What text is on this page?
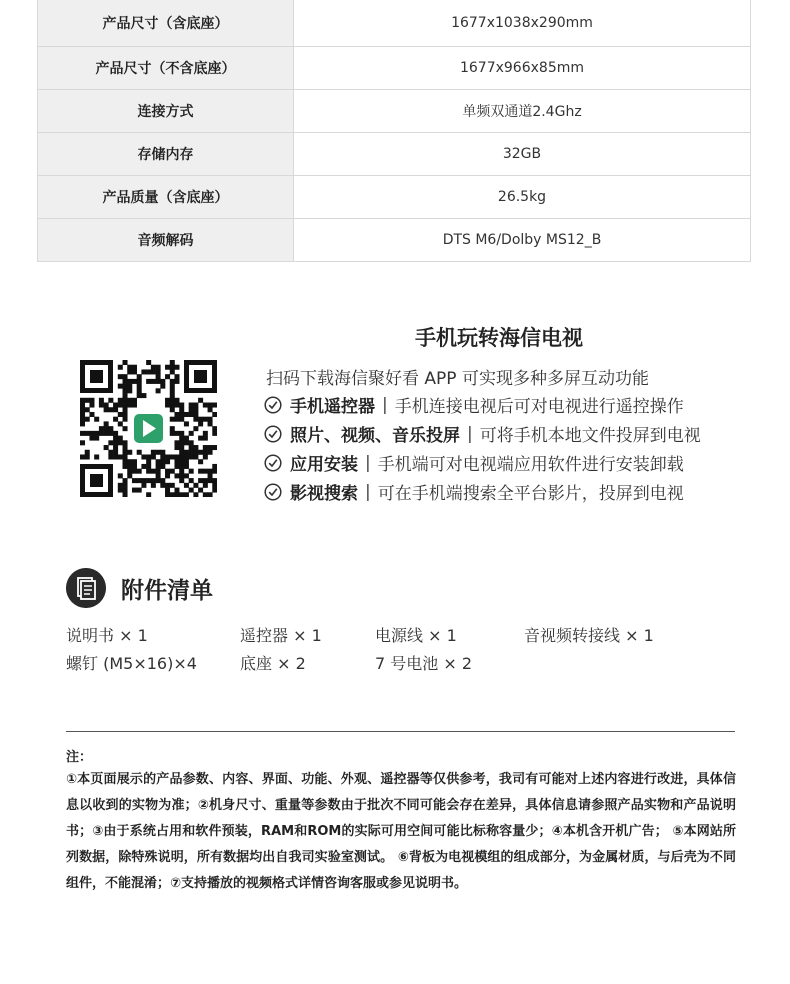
产品尺寸（含底座）	1677x1038x290mm
产品尺寸（不含底座）	1677x966x85mm
连接方式	单频双通道2.4Ghz
存储内存	32GB
产品质量（含底座）	26.5kg
音频解码	DTS M6/Dolby MS12_B
手机玩转海信电视
扫码下载海信聚好看 APP 可实现多种多屏互动功能
手机遥控器 | 手机连接电视后可对电视进行遥控操作
照片、视频、音乐投屏 | 可将手机本地文件投屏到电视
应用安装 | 手机端可对电视端应用软件进行安装卸载
影视搜索 | 可在手机端搜索全平台影片，投屏到电视
附件清单
说明书 × 1	遥控器 × 1	电源线 × 1	音视频转接线 × 1
螺钉 (M5×16)×4	底座 × 2	7 号电池 × 2
注：
①本页面展示的产品参数、内容、界面、功能、外观、遥控器等仅供参考，我司有可能对上述内容进行改进，具体信息以收到的实物为准；②机身尺寸、重量等参数由于批次不同可能会存在差异，具体信息请参照产品实物和产品说明书；③由于系统占用和软件预装，RAM和ROM的实际可用空间可能比标称容量少；④本机含开机广告； ⑤本网站所列数据，除特殊说明，所有数据均出自我司实验室测试。 ⑥背板为电视模组的组成部分，为金属材质，与后壳为不同组件，不能混淆；⑦支持播放的视频格式详情咨询客服或参见说明书。
